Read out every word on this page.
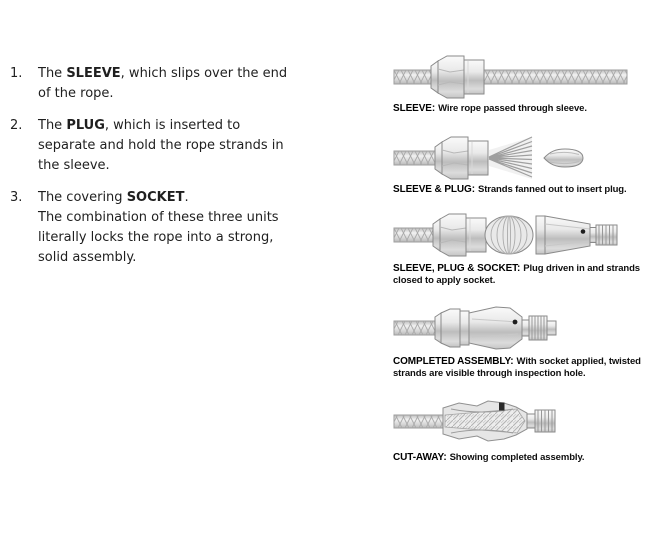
1.	The SLEEVE, which slips over the end
of the rope.
2.	The PLUG, which is inserted to
separate and hold the rope strands in
the sleeve.
3.	The covering SOCKET.
The combination of these three units
literally locks the rope into a strong,
solid assembly.
SLEEVE: Wire rope passed through sleeve.
SLEEVE & PLUG: Strands fanned out to insert plug.
SLEEVE, PLUG & SOCKET: Plug driven in and strands
closed to apply socket.
COMPLETED ASSEMBLY: With socket applied, twisted
strands are visible through inspection hole.
CUT-AWAY: Showing completed assembly.
